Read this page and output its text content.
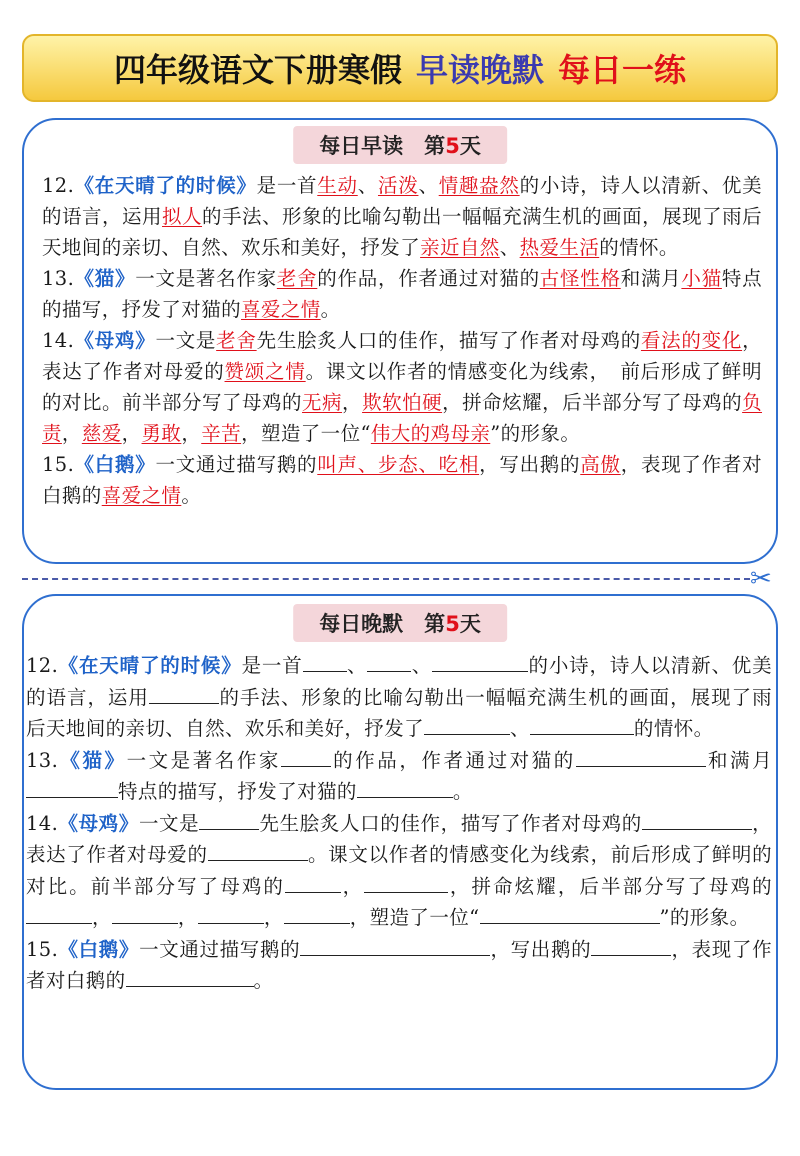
四年级语文下册寒假 早读晚默 每日一练
每日早读　第5天

12.《在天晴了的时候》是一首生动、活泼、情趣盎然的小诗，诗人以清新、优美的语言，运用拟人的手法、形象的比喻勾勒出一幅幅充满生机的画面，展现了雨后天地间的亲切、自然、欢乐和美好，抒发了亲近自然、热爱生活的情怀。

13.《猫》一文是著名作家老舍的作品，作者通过对猫的古怪性格和满月小猫特点的描写，抒发了对猫的喜爱之情。

14.《母鸡》一文是老舍先生脍炙人口的佳作，描写了作者对母鸡的看法的变化，表达了作者对母爱的赞颂之情。课文以作者的情感变化为线索，　前后形成了鲜明的对比。前半部分写了母鸡的无病，欺软怕硬，拼命炫耀，后半部分写了母鸡的负责，慈爱，勇敢，辛苦，塑造了一位“伟大的鸡母亲”的形象。

15.《白鹅》一文通过描写鹅的叫声、步态、吃相，写出鹅的高傲，表现了作者对白鹅的喜爱之情。

✂
每日晚默　第5天

12.《在天晴了的时候》是一首 、 、	的小诗，诗人以清新、优美的语言，运用	的手法、形象的比喻勾勒出一幅幅充满生机的画面，展现了雨后天地间的亲切、自然、欢乐和美好，抒发了	、	的情怀。

13.《猫》一文是著名作家	的作品，作者通过对猫的	和满月特点的描写，抒发了对猫的	。

14.《母鸡》一文是	先生脍炙人口的佳作，描写了作者对母鸡的	，表达了作者对母爱的	。课文以作者的情感变化为线索，前后形成了鲜明的对比。前半部分写了母鸡的	，	，拼命炫耀，后半部分写了母鸡的，	，	，	，塑造了一位“	”的形象。

15.《白鹅》一文通过描写鹅的	，写出鹅的	，表现了作者对白鹅的	。
